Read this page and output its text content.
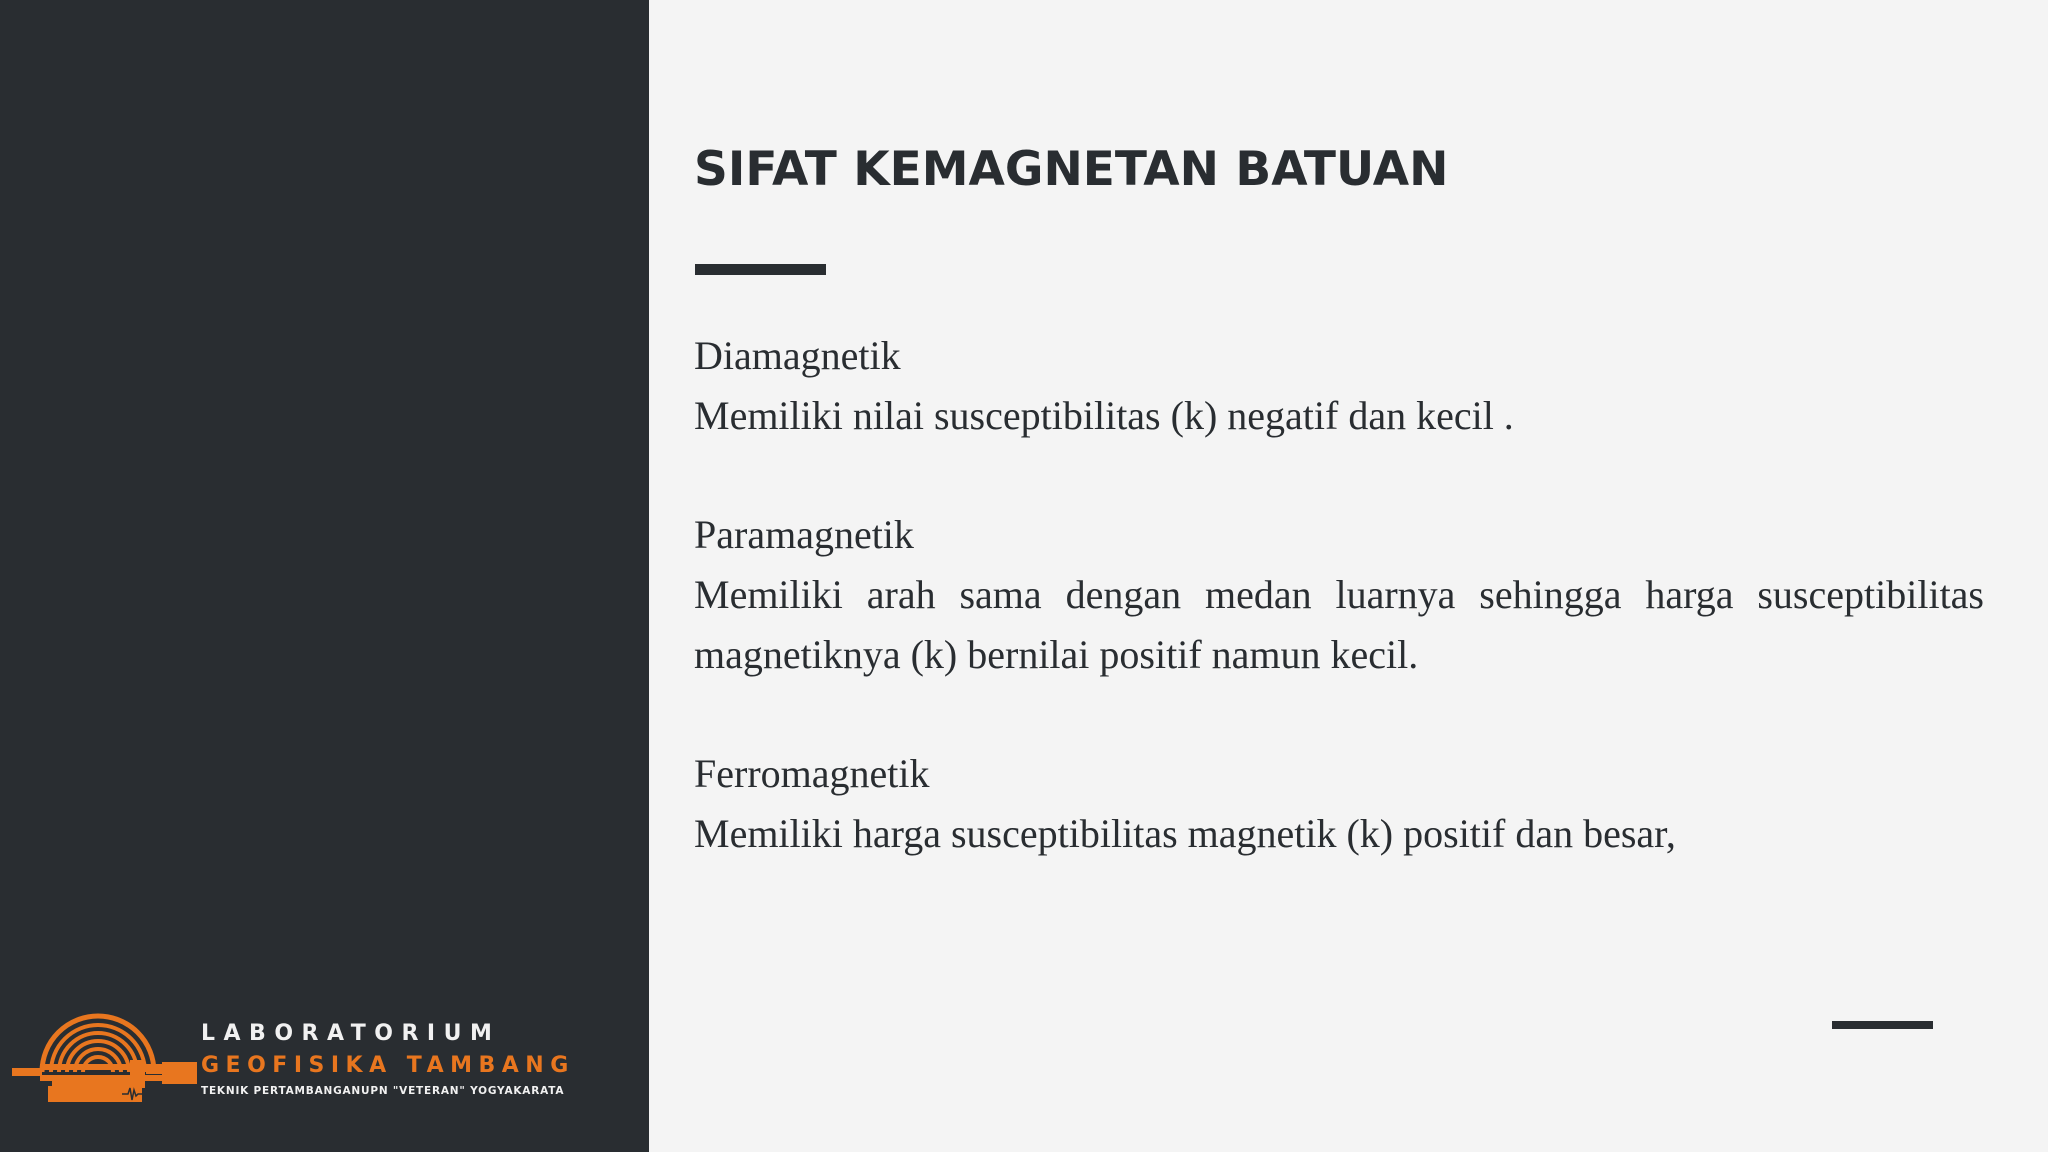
LABORATORIUM
GEOFISIKA TAMBANG
TEKNIK PERTAMBANGANUPN "VETERAN" YOGYAKARATA
SIFAT KEMAGNETAN BATUAN

Diamagnetik

Memiliki nilai susceptibilitas (k) negatif dan kecil .

Paramagnetik

Memiliki arah sama dengan medan luarnya sehingga harga susceptibilitas magnetiknya (k) bernilai positif namun kecil.

Ferromagnetik

Memiliki harga susceptibilitas magnetik (k) positif dan besar,
